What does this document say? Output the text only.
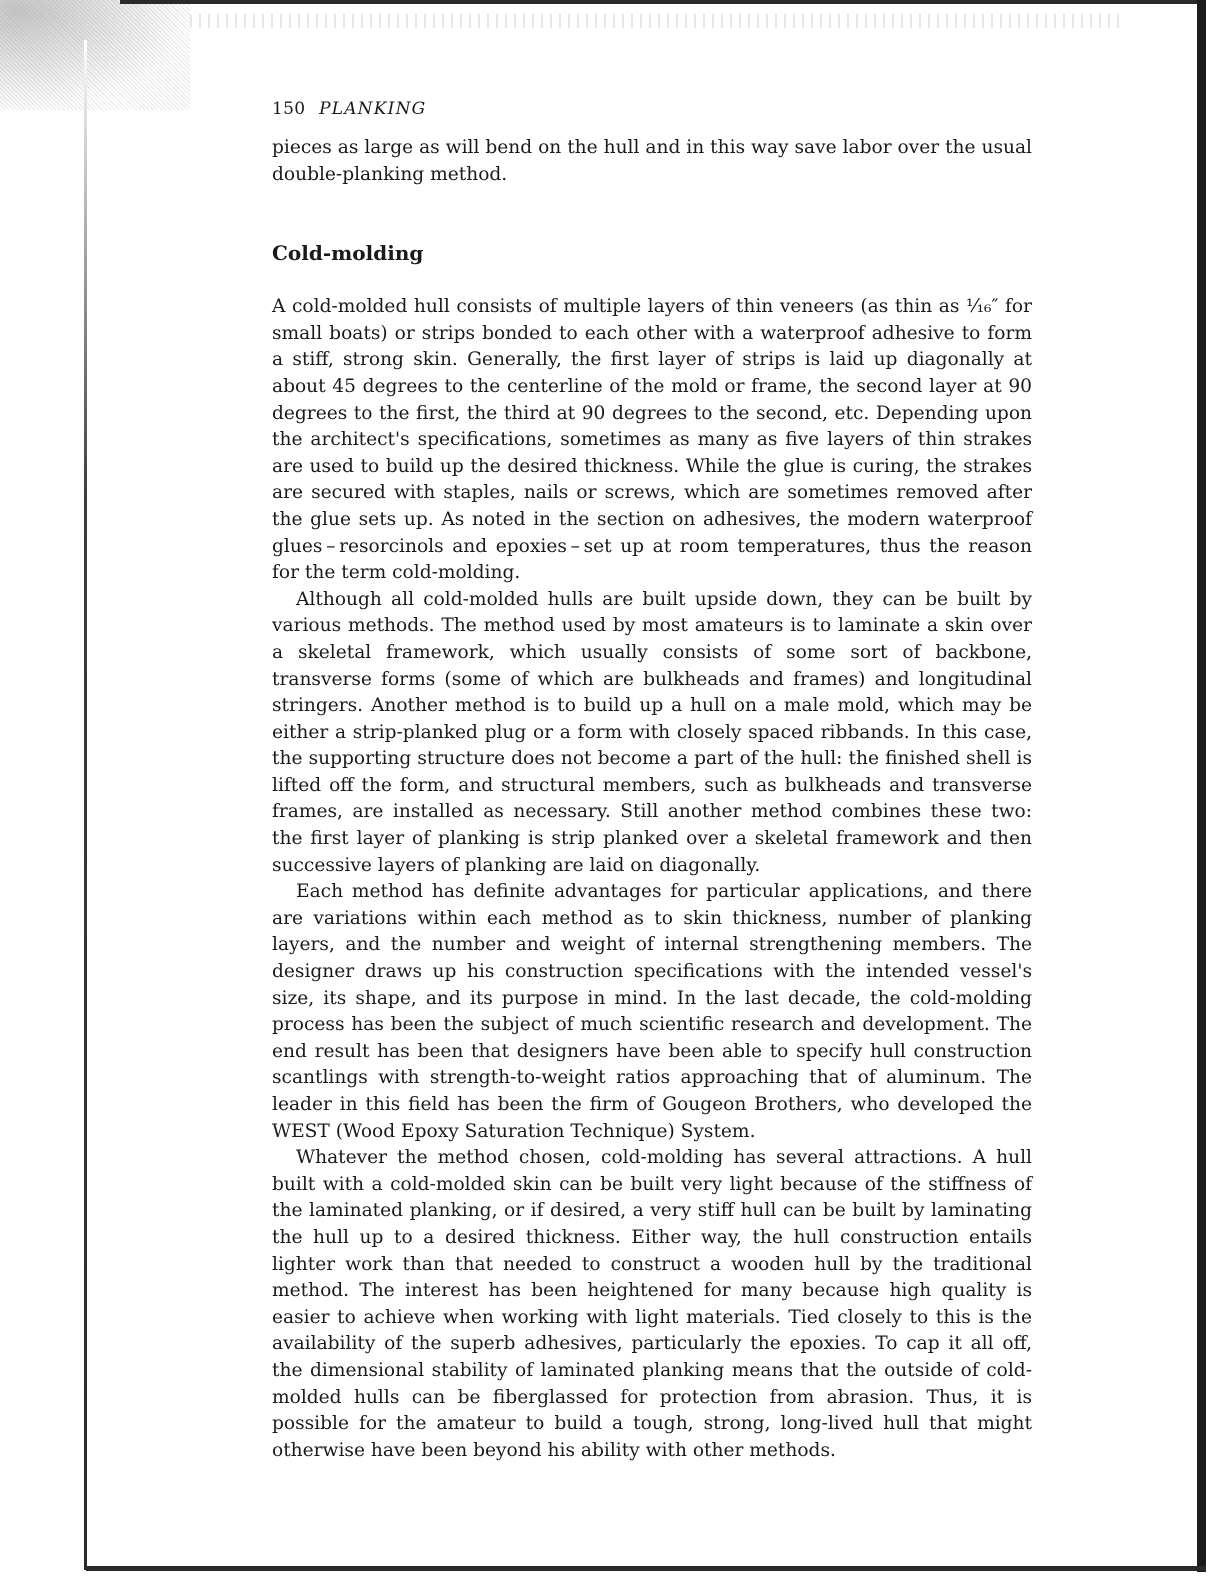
150 PLANKING

pieces as large as will bend on the hull and in this way save labor over the usual double-planking method.

Cold-molding

A cold-molded hull consists of multiple layers of thin veneers (as thin as ¹⁄₁₆″ for small boats) or strips bonded to each other with a waterproof adhesive to form a stiff, strong skin. Generally, the first layer of strips is laid up diagonally at about 45 degrees to the centerline of the mold or frame, the second layer at 90 degrees to the first, the third at 90 degrees to the second, etc. Depending upon the architect's specifications, sometimes as many as five layers of thin strakes are used to build up the desired thickness. While the glue is curing, the strakes are secured with staples, nails or screws, which are sometimes removed after the glue sets up. As noted in the section on adhesives, the modern waterproof glues – resorcinols and epoxies – set up at room temperatures, thus the reason for the term cold-molding.

Although all cold-molded hulls are built upside down, they can be built by various methods. The method used by most amateurs is to laminate a skin over a skeletal framework, which usually consists of some sort of backbone, transverse forms (some of which are bulkheads and frames) and longitudinal stringers. Another method is to build up a hull on a male mold, which may be either a strip-planked plug or a form with closely spaced ribbands. In this case, the supporting structure does not become a part of the hull: the finished shell is lifted off the form, and structural members, such as bulkheads and transverse frames, are installed as necessary. Still another method combines these two: the first layer of planking is strip planked over a skeletal framework and then successive layers of planking are laid on diagonally.

Each method has definite advantages for particular applications, and there are variations within each method as to skin thickness, number of planking layers, and the number and weight of internal strengthening members. The designer draws up his construction specifications with the intended vessel's size, its shape, and its purpose in mind. In the last decade, the cold-molding process has been the subject of much scientific research and development. The end result has been that designers have been able to specify hull construction scantlings with strength-to-weight ratios approaching that of aluminum. The leader in this field has been the firm of Gougeon Brothers, who developed the WEST (Wood Epoxy Saturation Technique) System.

Whatever the method chosen, cold-molding has several attractions. A hull built with a cold-molded skin can be built very light because of the stiffness of the laminated planking, or if desired, a very stiff hull can be built by laminating the hull up to a desired thickness. Either way, the hull construction entails lighter work than that needed to construct a wooden hull by the traditional method. The interest has been heightened for many because high quality is easier to achieve when working with light materials. Tied closely to this is the availability of the superb adhesives, particularly the epoxies. To cap it all off, the dimensional stability of laminated planking means that the outside of cold-molded hulls can be fiberglassed for protection from abrasion. Thus, it is possible for the amateur to build a tough, strong, long-lived hull that might otherwise have been beyond his ability with other methods.
